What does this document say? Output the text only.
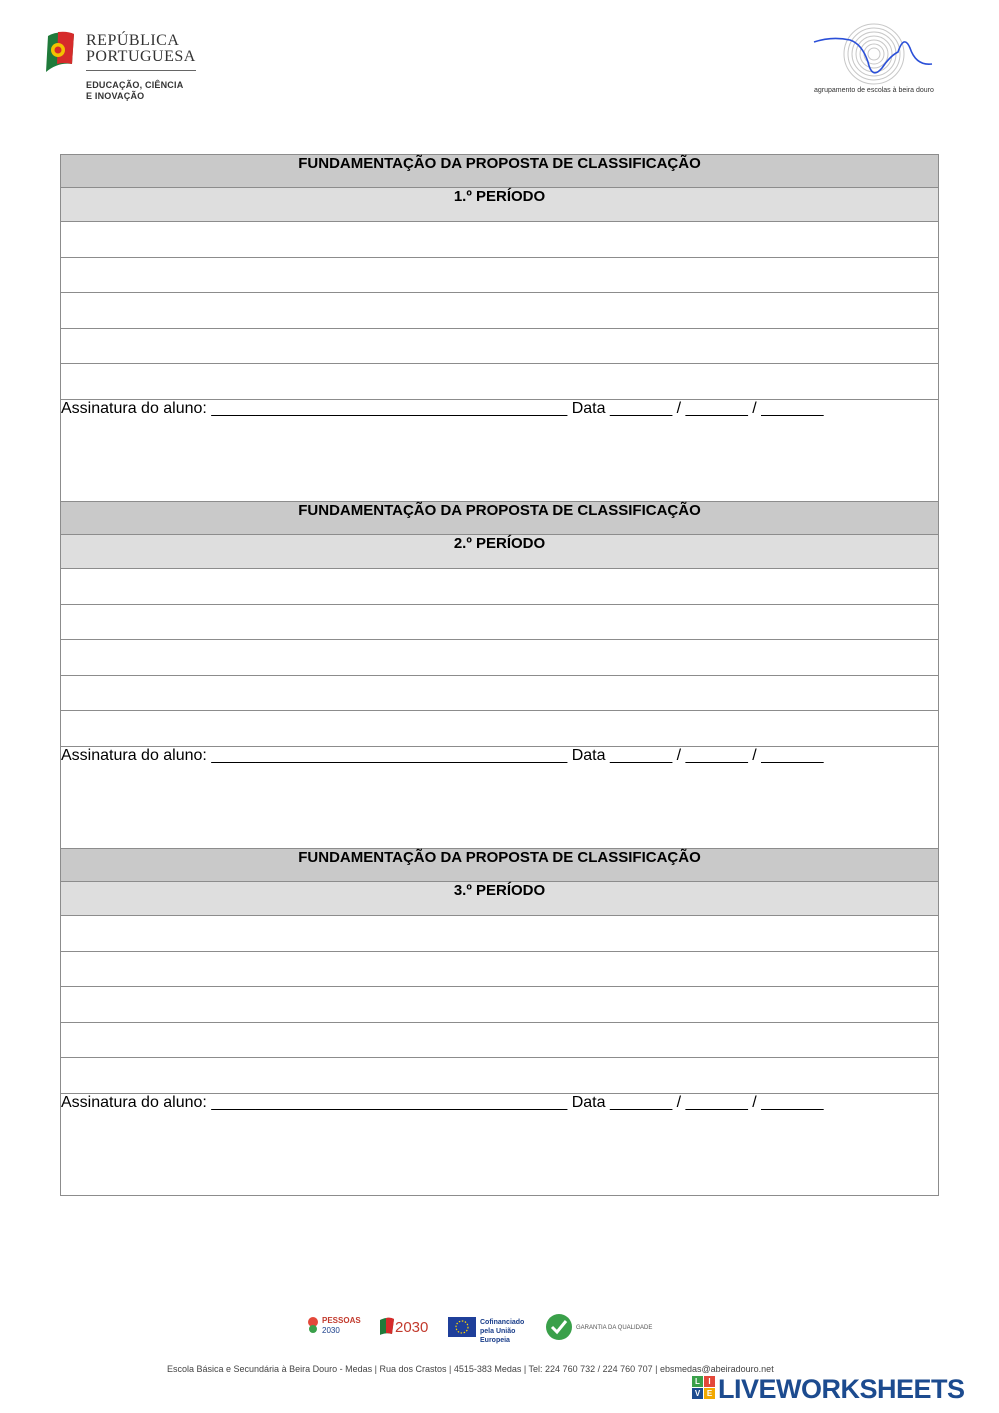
REPÚBLICA
PORTUGUESA
EDUCAÇÃO, CIÊNCIA
E INOVAÇÃO
agrupamento de escolas à beira douro
FUNDAMENTAÇÃO DA PROPOSTA DE CLASSIFICAÇÃO
1.º PERÍODO

Assinatura do aluno: ________________________________________ Data _______ / _______ / _______
FUNDAMENTAÇÃO DA PROPOSTA DE CLASSIFICAÇÃO
2.º PERÍODO

Assinatura do aluno: ________________________________________ Data _______ / _______ / _______
FUNDAMENTAÇÃO DA PROPOSTA DE CLASSIFICAÇÃO
3.º PERÍODO

Assinatura do aluno: ________________________________________ Data _______ / _______ / _______
PESSOAS
2030	2030	Cofinanciado pela União Europeia
GARANTIA DA QUALIDADE
Escola Básica e Secundária à Beira Douro - Medas | Rua dos Crastos | 4515-383 Medas | Tel: 224 760 732 / 224 760 707 | ebsmedas@abeiradouro.net
L	I
V E LIVEWORKSHEETS
